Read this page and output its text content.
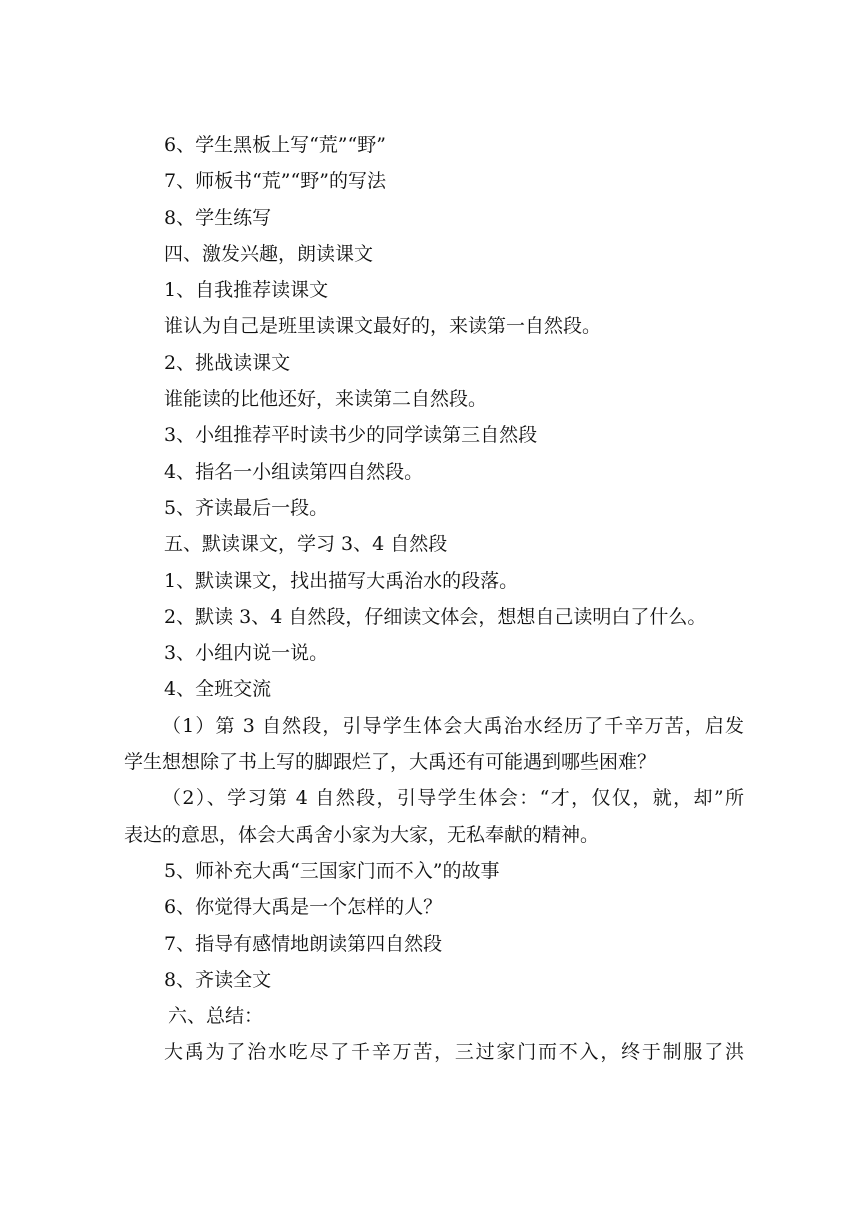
6、学生黑板上写“荒”“野”
7、师板书“荒”“野”的写法
8、学生练写
四、激发兴趣，朗读课文
1、自我推荐读课文
谁认为自己是班里读课文最好的，来读第一自然段。
2、挑战读课文
谁能读的比他还好，来读第二自然段。
3、小组推荐平时读书少的同学读第三自然段
4、指名一小组读第四自然段。
5、齐读最后一段。
五、默读课文，学习 3、4 自然段
1、默读课文，找出描写大禹治水的段落。
2、默读 3、4 自然段，仔细读文体会，想想自己读明白了什么。
3、小组内说一说。
4、全班交流
（1）第 3 自然段，引导学生体会大禹治水经历了千辛万苦，启发
学生想想除了书上写的脚跟烂了，大禹还有可能遇到哪些困难？
（2）、学习第 4 自然段，引导学生体会：“才，仅仅，就，却”所
表达的意思，体会大禹舍小家为大家，无私奉献的精神。
5、师补充大禹“三国家门而不入”的故事
6、你觉得大禹是一个怎样的人？
7、指导有感情地朗读第四自然段
8、齐读全文
六、总结：
大禹为了治水吃尽了千辛万苦，三过家门而不入，终于制服了洪
